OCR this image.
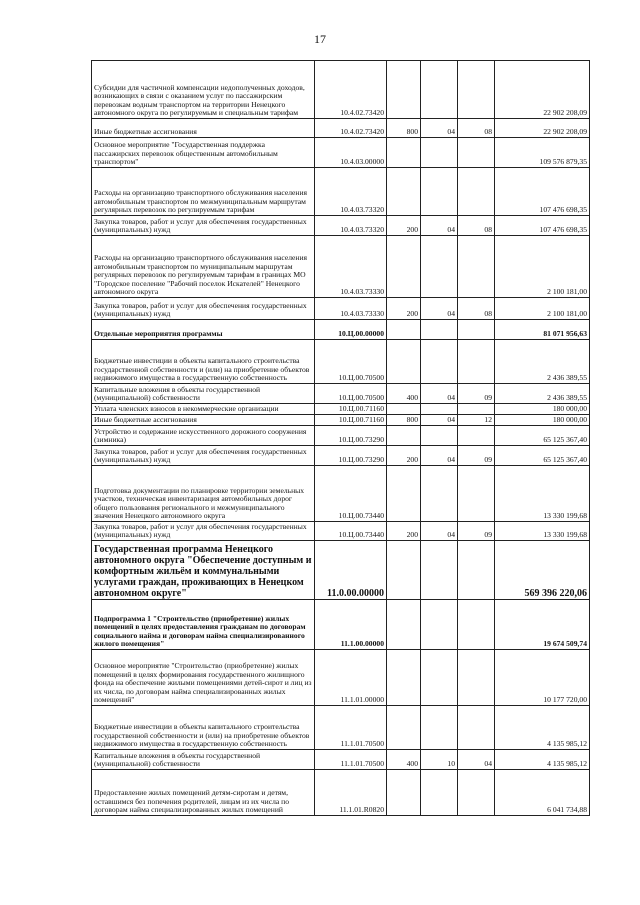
17
Субсидии для частичной компенсации недополученных доходов, возникающих в связи с оказанием услуг по пассажирским перевозкам водным транспортом на территории Ненецкого автономного округа по регулируемым и специальным тарифам	10.4.02.73420				22 902 208,09
Иные бюджетные ассигнования	10.4.02.73420	800	04	08	22 902 208,09
Основное мероприятие "Государственная поддержка пассажирских перевозок общественным автомобильным транспортом"	10.4.03.00000				109 576 879,35
Расходы на организацию транспортного обслуживания населения автомобильным транспортом по межмуниципальным маршрутам регулярных перевозок по регулируемым тарифам	10.4.03.73320				107 476 698,35
Закупка товаров, работ и услуг для обеспечения государственных (муниципальных) нужд	10.4.03.73320	200	04	08	107 476 698,35
Расходы на организацию транспортного обслуживания населения автомобильным транспортом по муниципальным маршрутам регулярных перевозок по регулируемым тарифам в границах МО "Городское поселение "Рабочий поселок Искателей" Ненецкого автономного округа	10.4.03.73330				2 100 181,00
Закупка товаров, работ и услуг для обеспечения государственных (муниципальных) нужд	10.4.03.73330	200	04	08	2 100 181,00
Отдельные мероприятия программы	10.Ц.00.00000				81 071 956,63
Бюджетные инвестиции в объекты капитального строительства государственной собственности и (или) на приобретение объектов недвижимого имущества в государственную собственность	10.Ц.00.70500				2 436 389,55
Капитальные вложения в объекты государственной (муниципальной) собственности	10.Ц.00.70500	400	04	09	2 436 389,55
Уплата членских взносов в некоммерческие организации	10.Ц.00.71160				180 000,00
Иные бюджетные ассигнования	10.Ц.00.71160	800	04	12	180 000,00
Устройство и содержание искусственного дорожного сооружения (зимника)	10.Ц.00.73290				65 125 367,40
Закупка товаров, работ и услуг для обеспечения государственных (муниципальных) нужд	10.Ц.00.73290	200	04	09	65 125 367,40
Подготовка документации по планировке территории земельных участков, техническая инвентаризация автомобильных дорог общего пользования регионального и межмуниципального значения Ненецкого автономного округа	10.Ц.00.73440				13 330 199,68
Закупка товаров, работ и услуг для обеспечения государственных (муниципальных) нужд	10.Ц.00.73440	200	04	09	13 330 199,68
Государственная программа Ненецкого автономного округа "Обеспечение доступным и комфортным жильём и коммунальными услугами граждан, проживающих в Ненецком автономном округе"	11.0.00.00000				569 396 220,06
Подпрограмма 1 "Строительство (приобретение) жилых помещений в целях предоставления гражданам по договорам социального найма и договорам найма специализированного жилого помещения"	11.1.00.00000				19 674 509,74
Основное мероприятие "Строительство (приобретение) жилых помещений в целях формирования государственного жилищного фонда на обеспечение жилыми помещениями детей-сирот и лиц из их числа, по договорам найма специализированных жилых помещений"	11.1.01.00000				10 177 720,00
Бюджетные инвестиции в объекты капитального строительства государственной собственности и (или) на приобретение объектов недвижимого имущества в государственную собственность	11.1.01.70500				4 135 985,12
Капитальные вложения в объекты государственной (муниципальной) собственности	11.1.01.70500	400	10	04	4 135 985,12
Предоставление жилых помещений детям-сиротам и детям, оставшимся без попечения родителей, лицам из их числа по договорам найма специализированных жилых помещений	11.1.01.R0820				6 041 734,88
